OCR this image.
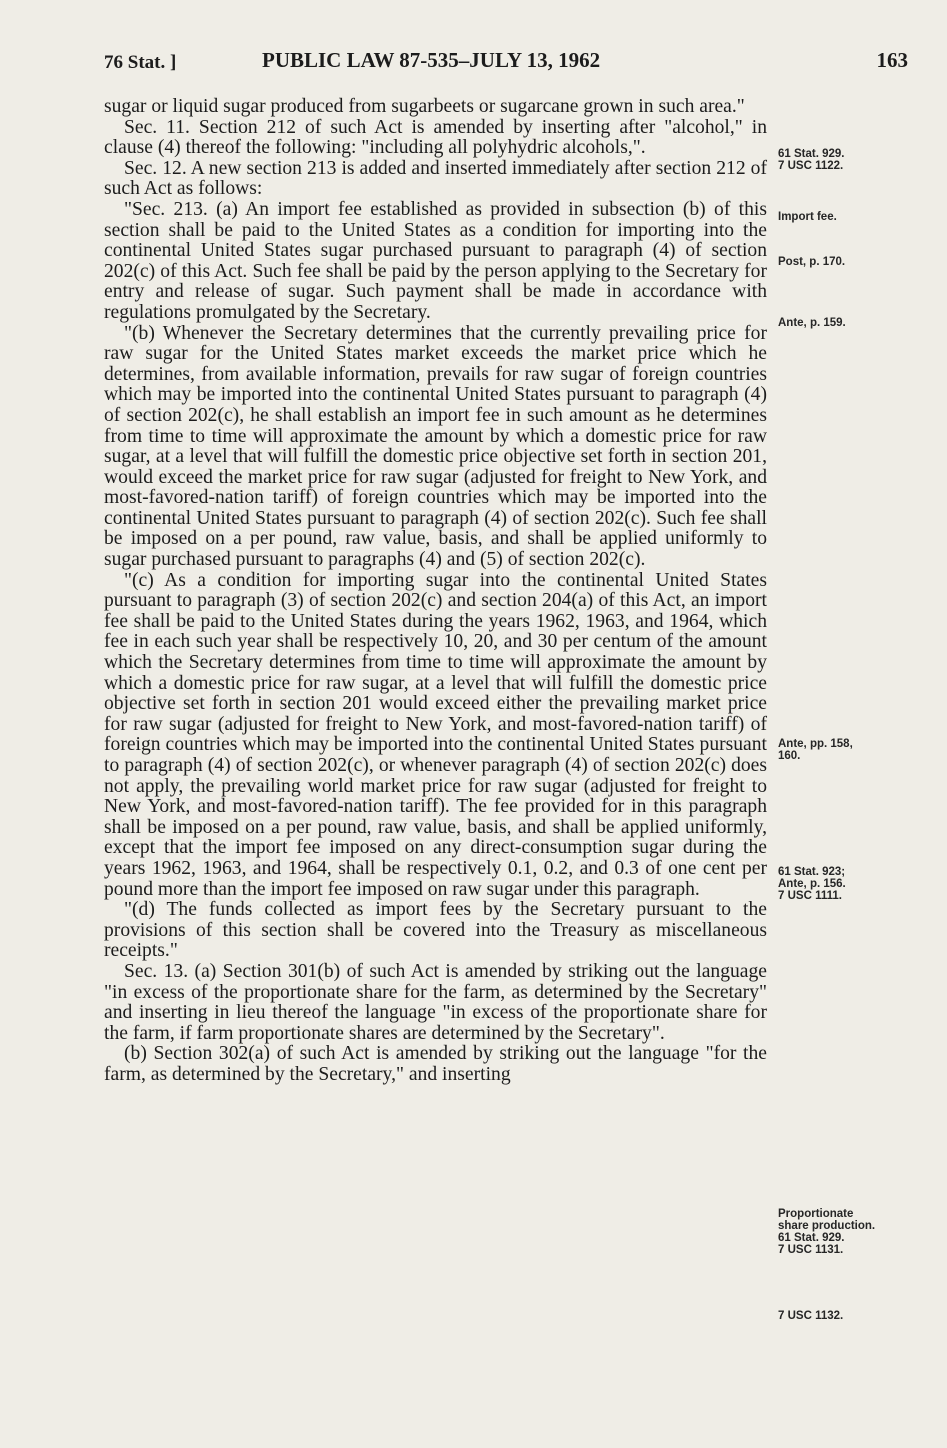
76 Stat. ]	PUBLIC LAW 87-535–JULY 13, 1962	163

sugar or liquid sugar produced from sugarbeets or sugarcane grown in such area."

Sec. 11. Section 212 of such Act is amended by inserting after "alcohol," in clause (4) thereof the following: "including all polyhydric alcohols,".

Sec. 12. A new section 213 is added and inserted immediately after section 212 of such Act as follows:

"Sec. 213. (a) An import fee established as provided in subsection (b) of this section shall be paid to the United States as a condition for importing into the continental United States sugar purchased pursuant to paragraph (4) of section 202(c) of this Act. Such fee shall be paid by the person applying to the Secretary for entry and release of sugar. Such payment shall be made in accordance with regulations promulgated by the Secretary.

"(b) Whenever the Secretary determines that the currently prevailing price for raw sugar for the United States market exceeds the market price which he determines, from available information, prevails for raw sugar of foreign countries which may be imported into the continental United States pursuant to paragraph (4) of section 202(c), he shall establish an import fee in such amount as he determines from time to time will approximate the amount by which a domestic price for raw sugar, at a level that will fulfill the domestic price objective set forth in section 201, would exceed the market price for raw sugar (adjusted for freight to New York, and most-favored-nation tariff) of foreign countries which may be imported into the continental United States pursuant to paragraph (4) of section 202(c). Such fee shall be imposed on a per pound, raw value, basis, and shall be applied uniformly to sugar purchased pursuant to paragraphs (4) and (5) of section 202(c).

"(c) As a condition for importing sugar into the continental United States pursuant to paragraph (3) of section 202(c) and section 204(a) of this Act, an import fee shall be paid to the United States during the years 1962, 1963, and 1964, which fee in each such year shall be respectively 10, 20, and 30 per centum of the amount which the Secretary determines from time to time will approximate the amount by which a domestic price for raw sugar, at a level that will fulfill the domestic price objective set forth in section 201 would exceed either the prevailing market price for raw sugar (adjusted for freight to New York, and most-favored-nation tariff) of foreign countries which may be imported into the continental United States pursuant to paragraph (4) of section 202(c), or whenever paragraph (4) of section 202(c) does not apply, the prevailing world market price for raw sugar (adjusted for freight to New York, and most-favored-nation tariff). The fee provided for in this paragraph shall be imposed on a per pound, raw value, basis, and shall be applied uniformly, except that the import fee imposed on any direct-consumption sugar during the years 1962, 1963, and 1964, shall be respectively 0.1, 0.2, and 0.3 of one cent per pound more than the import fee imposed on raw sugar under this paragraph.

"(d) The funds collected as import fees by the Secretary pursuant to the provisions of this section shall be covered into the Treasury as miscellaneous receipts."

Sec. 13. (a) Section 301(b) of such Act is amended by striking out the language "in excess of the proportionate share for the farm, as determined by the Secretary" and inserting in lieu thereof the language "in excess of the proportionate share for the farm, if farm proportionate shares are determined by the Secretary".

(b) Section 302(a) of such Act is amended by striking out the language "for the farm, as determined by the Secretary," and inserting

61 Stat. 929.
7 USC 1122.
Import fee.
Post, p. 170.
Ante, p. 159.
Ante, pp. 158,
160.
61 Stat. 923;
Ante, p. 156.
7 USC 1111.
Proportionate
share production.
61 Stat. 929.
7 USC 1131.
7 USC 1132.
